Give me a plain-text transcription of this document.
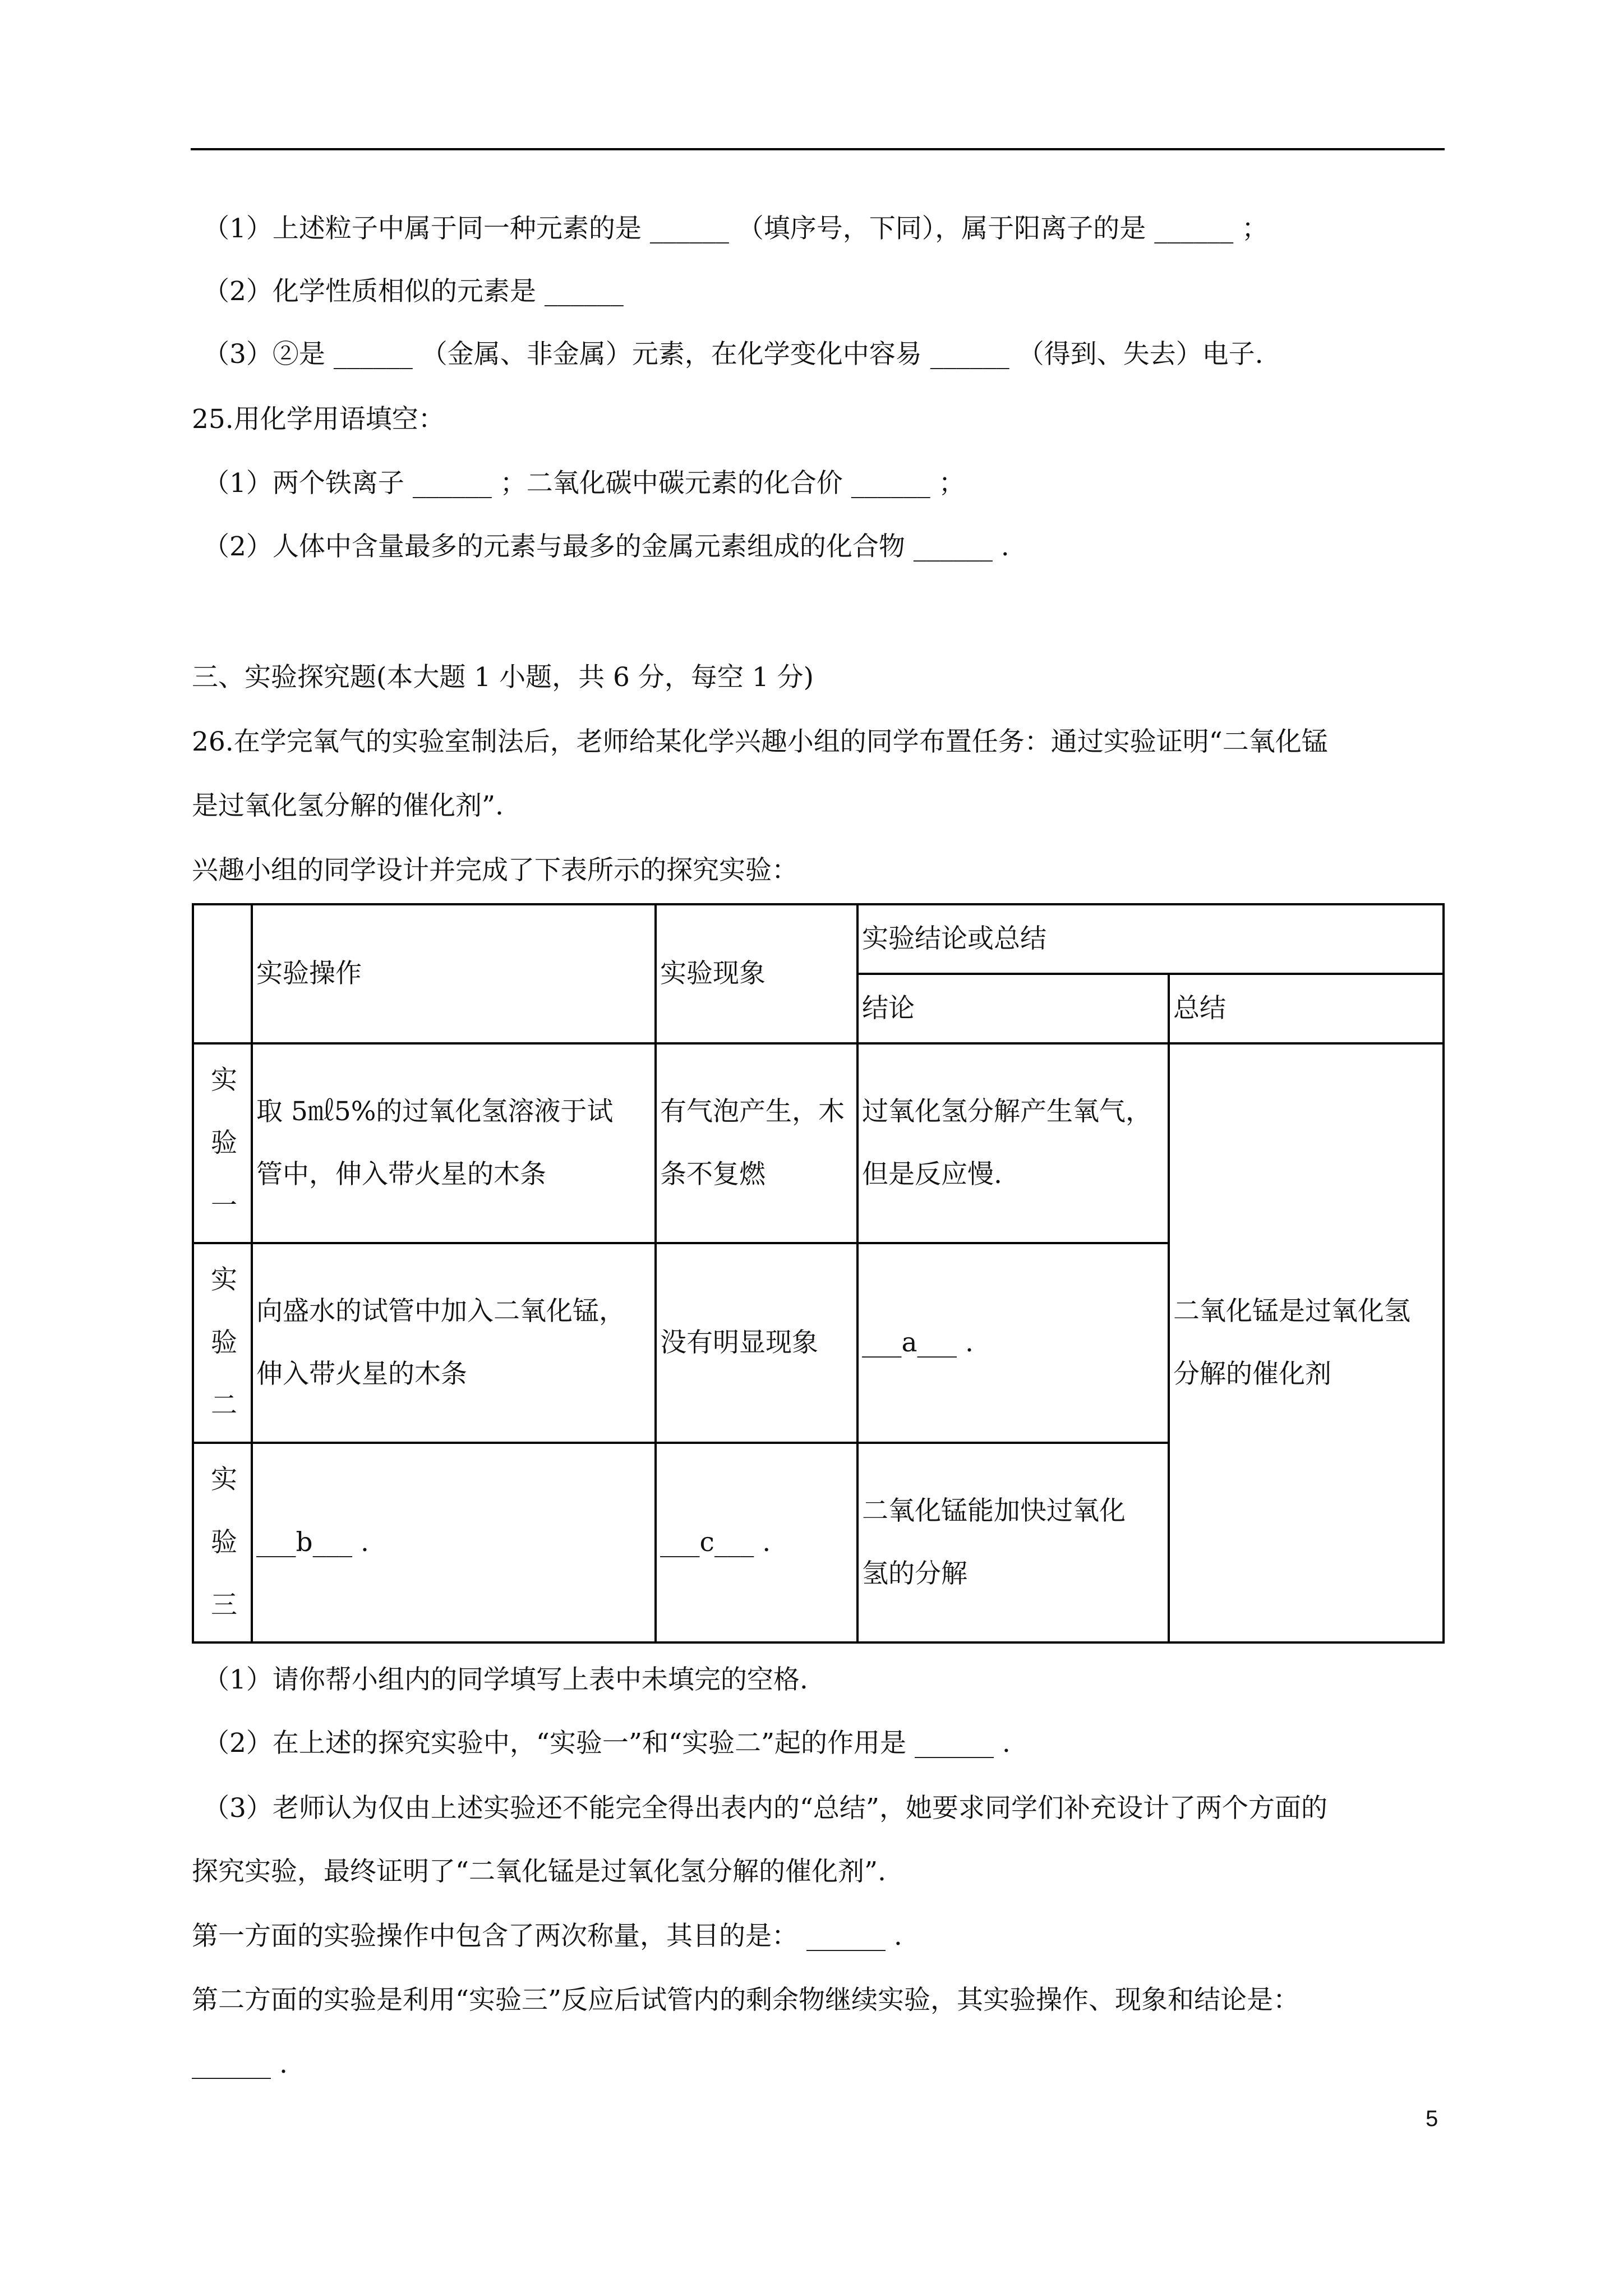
（1）上述粒子中属于同一种元素的是 ______ （填序号，下同），属于阳离子的是 ______ ；
（2）化学性质相似的元素是 ______
（3）②是 ______ （金属、非金属）元素，在化学变化中容易 ______ （得到、失去）电子.
25.用化学用语填空：
（1）两个铁离子 ______ ；二氧化碳中碳元素的化合价 ______ ；
（2）人体中含量最多的元素与最多的金属元素组成的化合物 ______ .
三、实验探究题(本大题 1 小题，共 6 分，每空 1 分)
26.在学完氧气的实验室制法后，老师给某化学兴趣小组的同学布置任务：通过实验证明“二氧化锰
是过氧化氢分解的催化剂”.
兴趣小组的同学设计并完成了下表所示的探究实验：
	实验操作	实验现象	实验结论或总结	
			结论	总结

实
验
一	取 5㎖5%的过氧化氢溶液于试
管中，伸入带火星的木条	有气泡产生，木
条不复燃	过氧化氢分解产生氧气，
但是反应慢.	二氧化锰是过氧化氢
分解的催化剂

实
验
二	向盛水的试管中加入二氧化锰，
伸入带火星的木条	没有明显现象	___a___ .	

实
验
三	___b___ .	___c___ .	二氧化锰能加快过氧化
氢的分解	
（1）请你帮小组内的同学填写上表中未填完的空格.
（2）在上述的探究实验中，“实验一”和“实验二”起的作用是 ______ .
（3）老师认为仅由上述实验还不能完全得出表内的“总结”，她要求同学们补充设计了两个方面的
探究实验，最终证明了“二氧化锰是过氧化氢分解的催化剂”.
第一方面的实验操作中包含了两次称量，其目的是： ______ .
第二方面的实验是利用“实验三”反应后试管内的剩余物继续实验，其实验操作、现象和结论是：
______ .
5
